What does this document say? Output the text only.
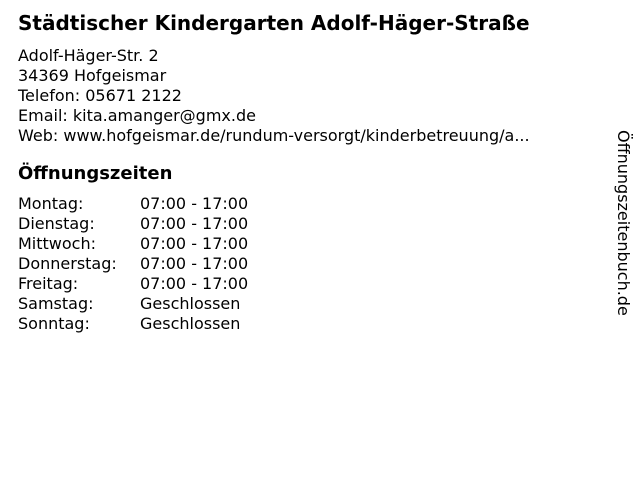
Städtischer Kindergarten Adolf-Häger-Straße
Adolf-Häger-Str. 2
34369 Hofgeismar
Telefon: 05671 2122
Email: kita.amanger@gmx.de
Web: www.hofgeismar.de/rundum-versorgt/kinderbetreuung/a...
Öffnungszeiten
Montag:	07:00 - 17:00
Dienstag:	07:00 - 17:00
Mittwoch:	07:00 - 17:00
Donnerstag:	07:00 - 17:00
Freitag:	07:00 - 17:00
Samstag:	Geschlossen
Sonntag:	Geschlossen
Öffnungszeitenbuch.de
